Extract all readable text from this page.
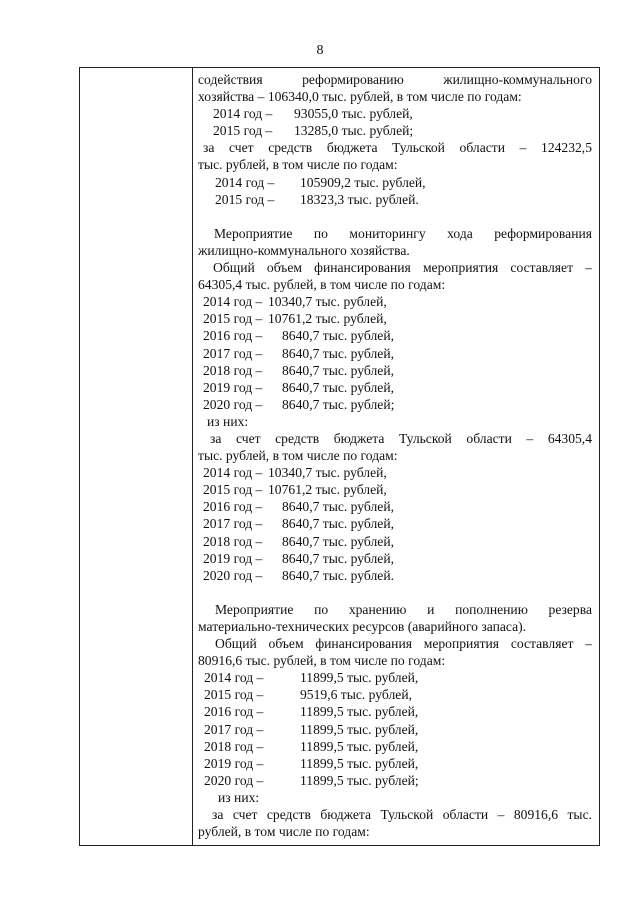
8
содействия реформированию жилищно-коммунального
хозяйства – 106340,0 тыс. рублей, в том числе по годам:
2014 год – 93055,0 тыс. рублей,
2015 год – 13285,0 тыс. рублей;
за счет средств бюджета Тульской области – 124232,5
тыс. рублей, в том числе по годам:
2014 год – 105909,2 тыс. рублей,
2015 год – 18323,3 тыс. рублей.
Мероприятие по мониторингу хода реформирования
жилищно-коммунального хозяйства.
Общий объем финансирования мероприятия составляет –
64305,4 тыс. рублей, в том числе по годам:
2014 год – 10340,7 тыс. рублей,
2015 год – 10761,2 тыс. рублей,
2016 год –	8640,7 тыс. рублей,
2017 год –	8640,7 тыс. рублей,
2018 год –	8640,7 тыс. рублей,
2019 год –	8640,7 тыс. рублей,
2020 год –	8640,7 тыс. рублей;
из них:
за счет средств бюджета Тульской области – 64305,4
тыс. рублей, в том числе по годам:
2014 год – 10340,7 тыс. рублей,
2015 год – 10761,2 тыс. рублей,
2016 год –	8640,7 тыс. рублей,
2017 год –	8640,7 тыс. рублей,
2018 год –	8640,7 тыс. рублей,
2019 год –	8640,7 тыс. рублей,
2020 год –	8640,7 тыс. рублей.
Мероприятие по хранению и пополнению резерва
материально-технических ресурсов (аварийного запаса).
Общий объем финансирования мероприятия составляет –
80916,6 тыс. рублей, в том числе по годам:
2014 год –	11899,5 тыс. рублей,
2015 год –	9519,6 тыс. рублей,
2016 год –	11899,5 тыс. рублей,
2017 год –	11899,5 тыс. рублей,
2018 год –	11899,5 тыс. рублей,
2019 год –	11899,5 тыс. рублей,
2020 год –	11899,5 тыс. рублей;
из них:
за счет средств бюджета Тульской области – 80916,6 тыс.
рублей, в том числе по годам:
